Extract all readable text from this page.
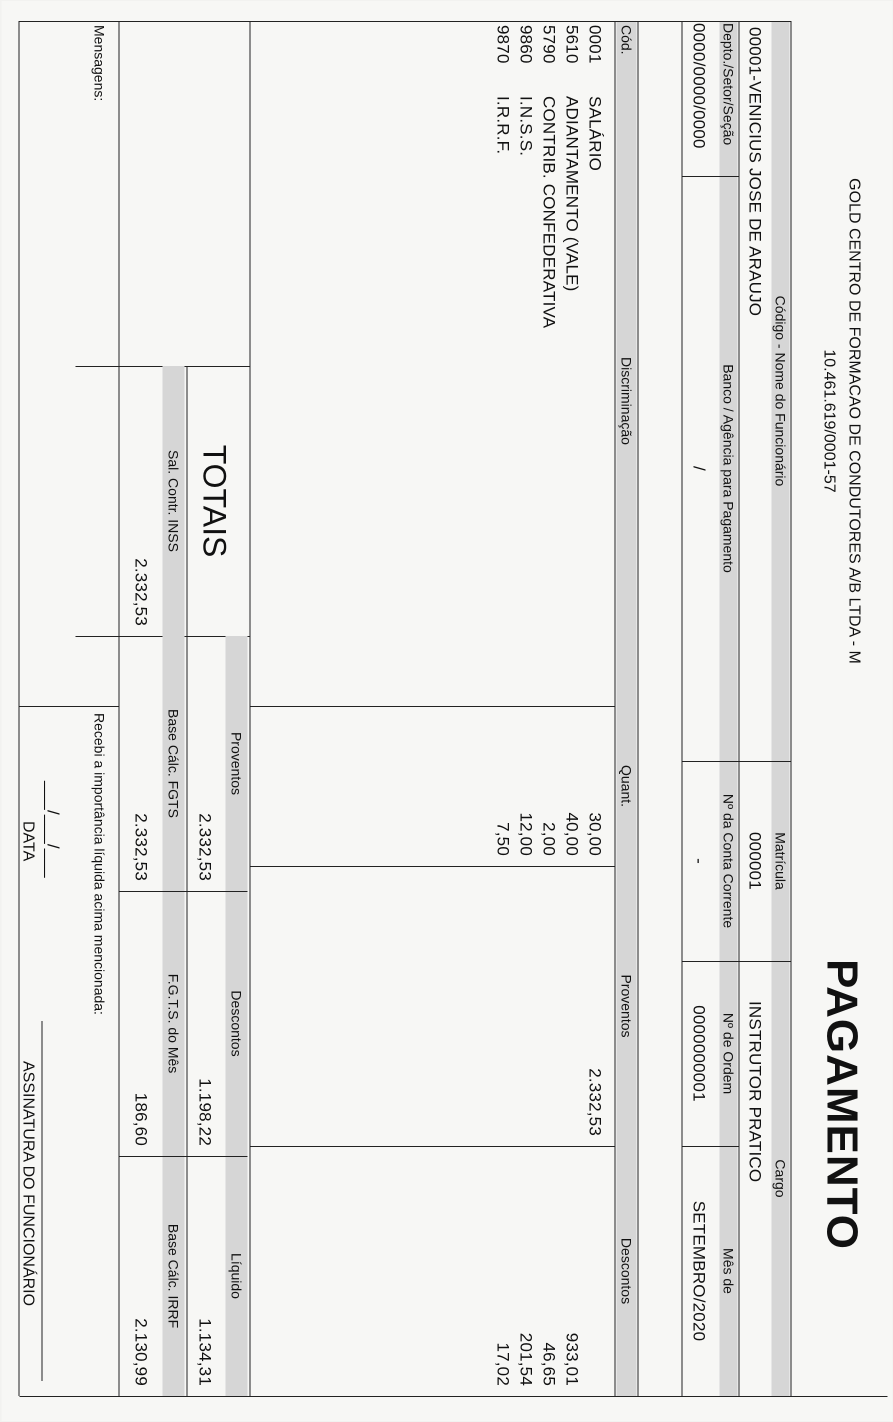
GOLD CENTRO DE FORMACAO DE CONDUTORES A/B LTDA - M
10.461.619/0001-57
PAGAMENTO
Código - Nome do Funcionário
Matrícula
Cargo
00001-VENICIUS JOSE DE ARAUJO
000001
INSTRUTOR PRATICO
Depto./Setor/Seção
Banco / Agência para Pagamento
Nº da Conta Corrente
Nº de Ordem
Mês de
0000/0000/0000
/
-
0000000001
SETEMBRO/2020
Cód.
Discriminação
Quant.
Proventos
Descontos
0001
SALÁRIO
30,00
2.332,53
5610
ADIANTAMENTO (VALE)
40,00
933,01
5790
CONTRIB. CONFEDERATIVA
2,00
46,65
9860
I.N.S.S.
12,00
201,54
9870
I.R.R.F.
7,50
17,02
TOTAIS
Proventos
Descontos
Líquido
2.332,53
1.198,22
1.134,31
Sal. Contr. INSS
Base Cálc. FGTS
F.G.T.S. do Mês
Base Cálc. IRRF
2.332,53
2.332,53
186,60
2.130,99
Mensagens:
Recebi a importância líquida acima mencionada:
___/___/___
DATA
ASSINATURA DO FUNCIONÁRIO
